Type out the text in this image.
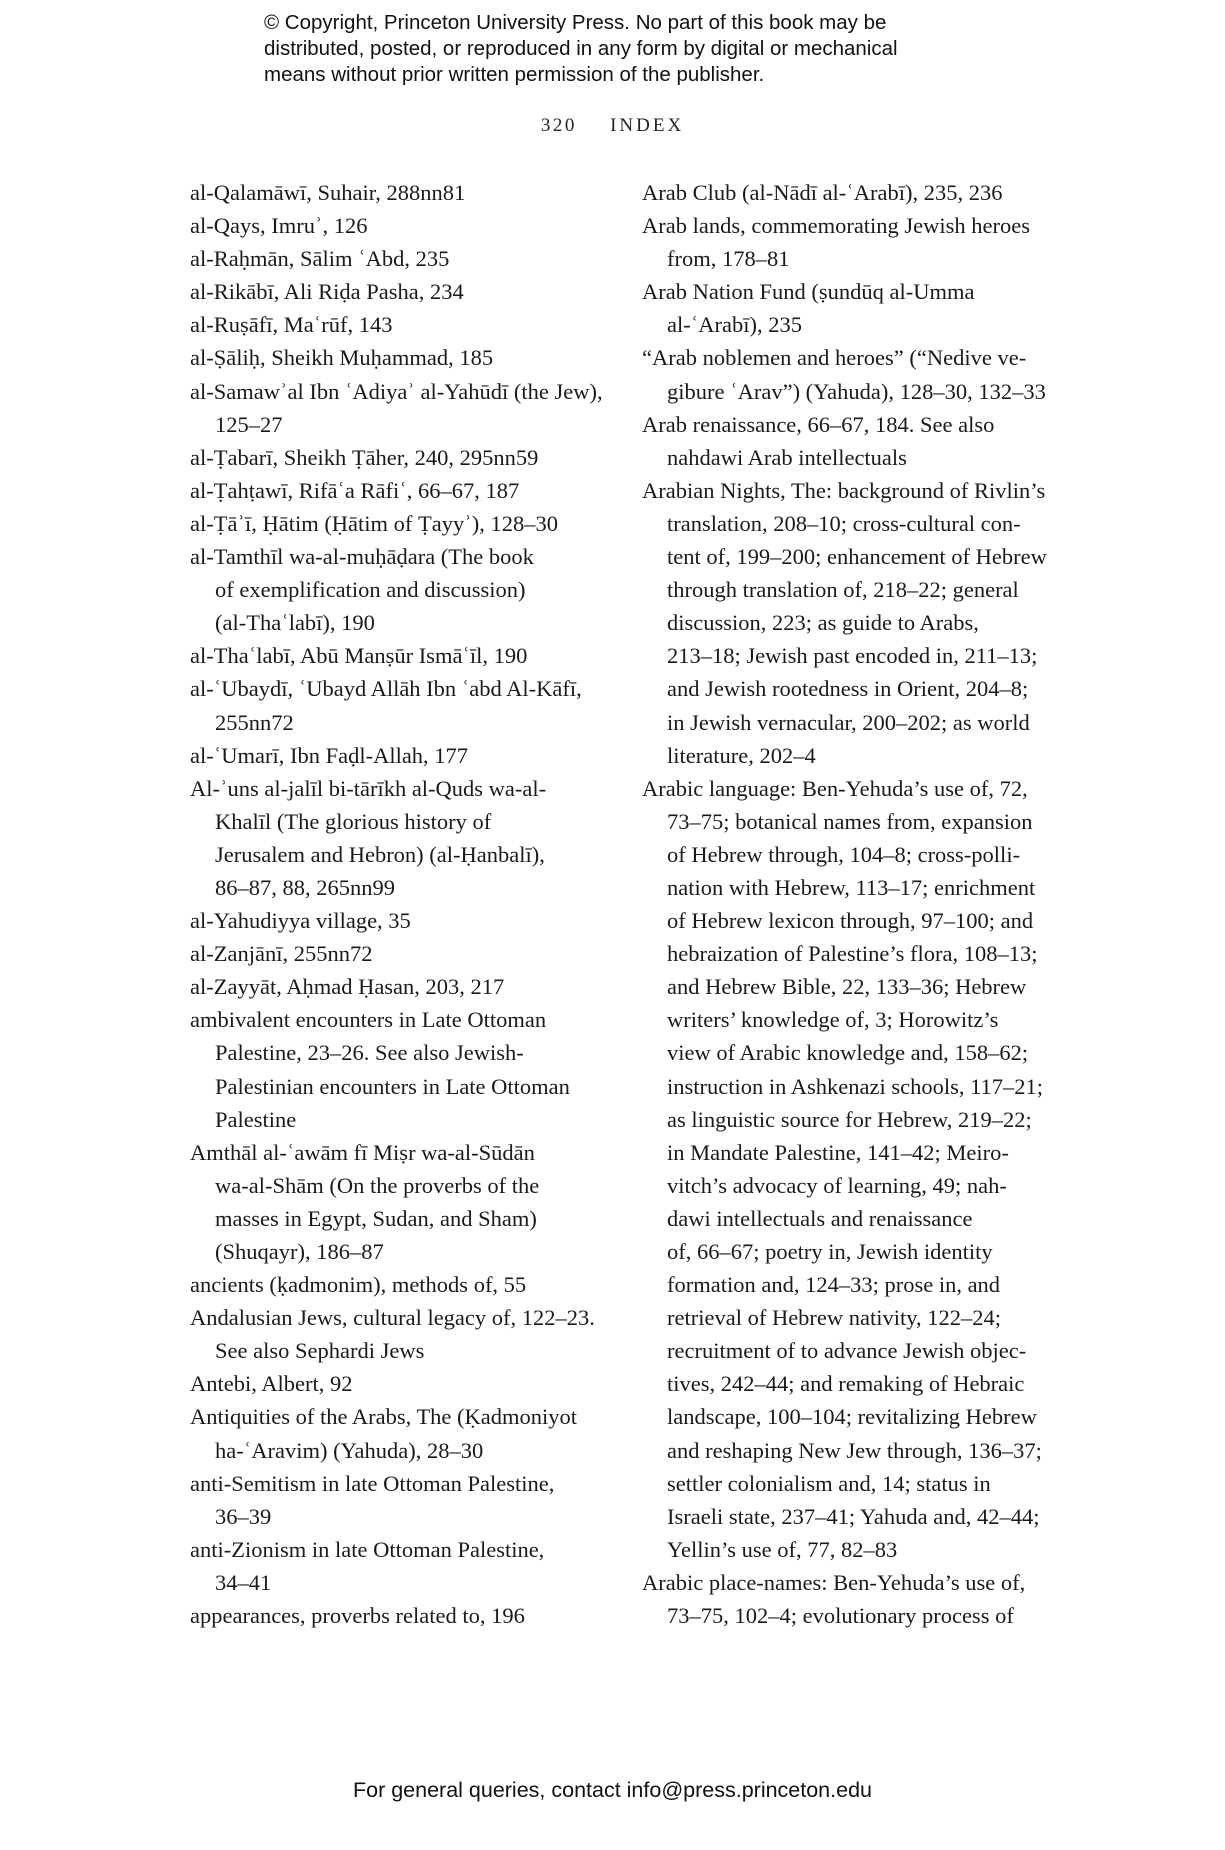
© Copyright, Princeton University Press. No part of this book may be
distributed, posted, or reproduced in any form by digital or mechanical
means without prior written permission of the publisher.
320 INDEX
al-Qalamāwī, Suhair, 288nn81
al-Qays, Imruʾ, 126
al-Raḥmān, Sālim ʿAbd, 235
al-Rikābī, Ali Riḍa Pasha, 234
al-Ruṣāfī, Maʿrūf, 143
al-Ṣāliḥ, Sheikh Muḥammad, 185
al-Samawʾal Ibn ʿAdiyaʾ al-Yahūdī (the Jew),
125–27
al-Ṭabarī, Sheikh Ṭāher, 240, 295nn59
al-Ṭahṭawī, Rifāʿa Rāfiʿ, 66–67, 187
al-Ṭāʾī, Ḥātim (Ḥātim of Ṭayyʾ), 128–30
al-Tamthīl wa-al-muḥāḍara (The book
of exemplification and discussion)
(al-Thaʿlabī), 190
al-Thaʿlabī, Abū Manṣūr Ismāʿīl, 190
al-ʿUbaydī, ʿUbayd Allāh Ibn ʿabd Al-Kāfī,
255nn72
al-ʿUmarī, Ibn Faḍl-Allah, 177
Al-ʾuns al-jalīl bi-tārīkh al-Quds wa-al-
Khalīl (The glorious history of
Jerusalem and Hebron) (al-Ḥanbalī),
86–87, 88, 265nn99
al-Yahudiyya village, 35
al-Zanjānī, 255nn72
al-Zayyāt, Aḥmad Ḥasan, 203, 217
ambivalent encounters in Late Ottoman
Palestine, 23–26. See also Jewish-
Palestinian encounters in Late Ottoman
Palestine
Amthāl al-ʿawām fī Miṣr wa-al-Sūdān
wa-al-Shām (On the proverbs of the
masses in Egypt, Sudan, and Sham)
(Shuqayr), 186–87
ancients (ḳadmonim), methods of, 55
Andalusian Jews, cultural legacy of, 122–23.
See also Sephardi Jews
Antebi, Albert, 92
Antiquities of the Arabs, The (Ḳadmoniyot
ha-ʿAravim) (Yahuda), 28–30
anti-Semitism in late Ottoman Palestine,
36–39
anti-Zionism in late Ottoman Palestine,
34–41
appearances, proverbs related to, 196
Arab Club (al-Nādī al-ʿArabī), 235, 236
Arab lands, commemorating Jewish heroes
from, 178–81
Arab Nation Fund (ṣundūq al-Umma
al-ʿArabī), 235
“Arab noblemen and heroes” (“Nedive ve-
gibure ʿArav”) (Yahuda), 128–30, 132–33
Arab renaissance, 66–67, 184. See also
nahdawi Arab intellectuals
Arabian Nights, The: background of Rivlin’s
translation, 208–10; cross-cultural con-
tent of, 199–200; enhancement of Hebrew
through translation of, 218–22; general
discussion, 223; as guide to Arabs,
213–18; Jewish past encoded in, 211–13;
and Jewish rootedness in Orient, 204–8;
in Jewish vernacular, 200–202; as world
literature, 202–4
Arabic language: Ben-Yehuda’s use of, 72,
73–75; botanical names from, expansion
of Hebrew through, 104–8; cross-polli-
nation with Hebrew, 113–17; enrichment
of Hebrew lexicon through, 97–100; and
hebraization of Palestine’s flora, 108–13;
and Hebrew Bible, 22, 133–36; Hebrew
writers’ knowledge of, 3; Horowitz’s
view of Arabic knowledge and, 158–62;
instruction in Ashkenazi schools, 117–21;
as linguistic source for Hebrew, 219–22;
in Mandate Palestine, 141–42; Meiro-
vitch’s advocacy of learning, 49; nah-
dawi intellectuals and renaissance
of, 66–67; poetry in, Jewish identity
formation and, 124–33; prose in, and
retrieval of Hebrew nativity, 122–24;
recruitment of to advance Jewish objec-
tives, 242–44; and remaking of Hebraic
landscape, 100–104; revitalizing Hebrew
and reshaping New Jew through, 136–37;
settler colonialism and, 14; status in
Israeli state, 237–41; Yahuda and, 42–44;
Yellin’s use of, 77, 82–83
Arabic place-names: Ben-Yehuda’s use of,
73–75, 102–4; evolutionary process of
For general queries, contact info@press.princeton.edu
